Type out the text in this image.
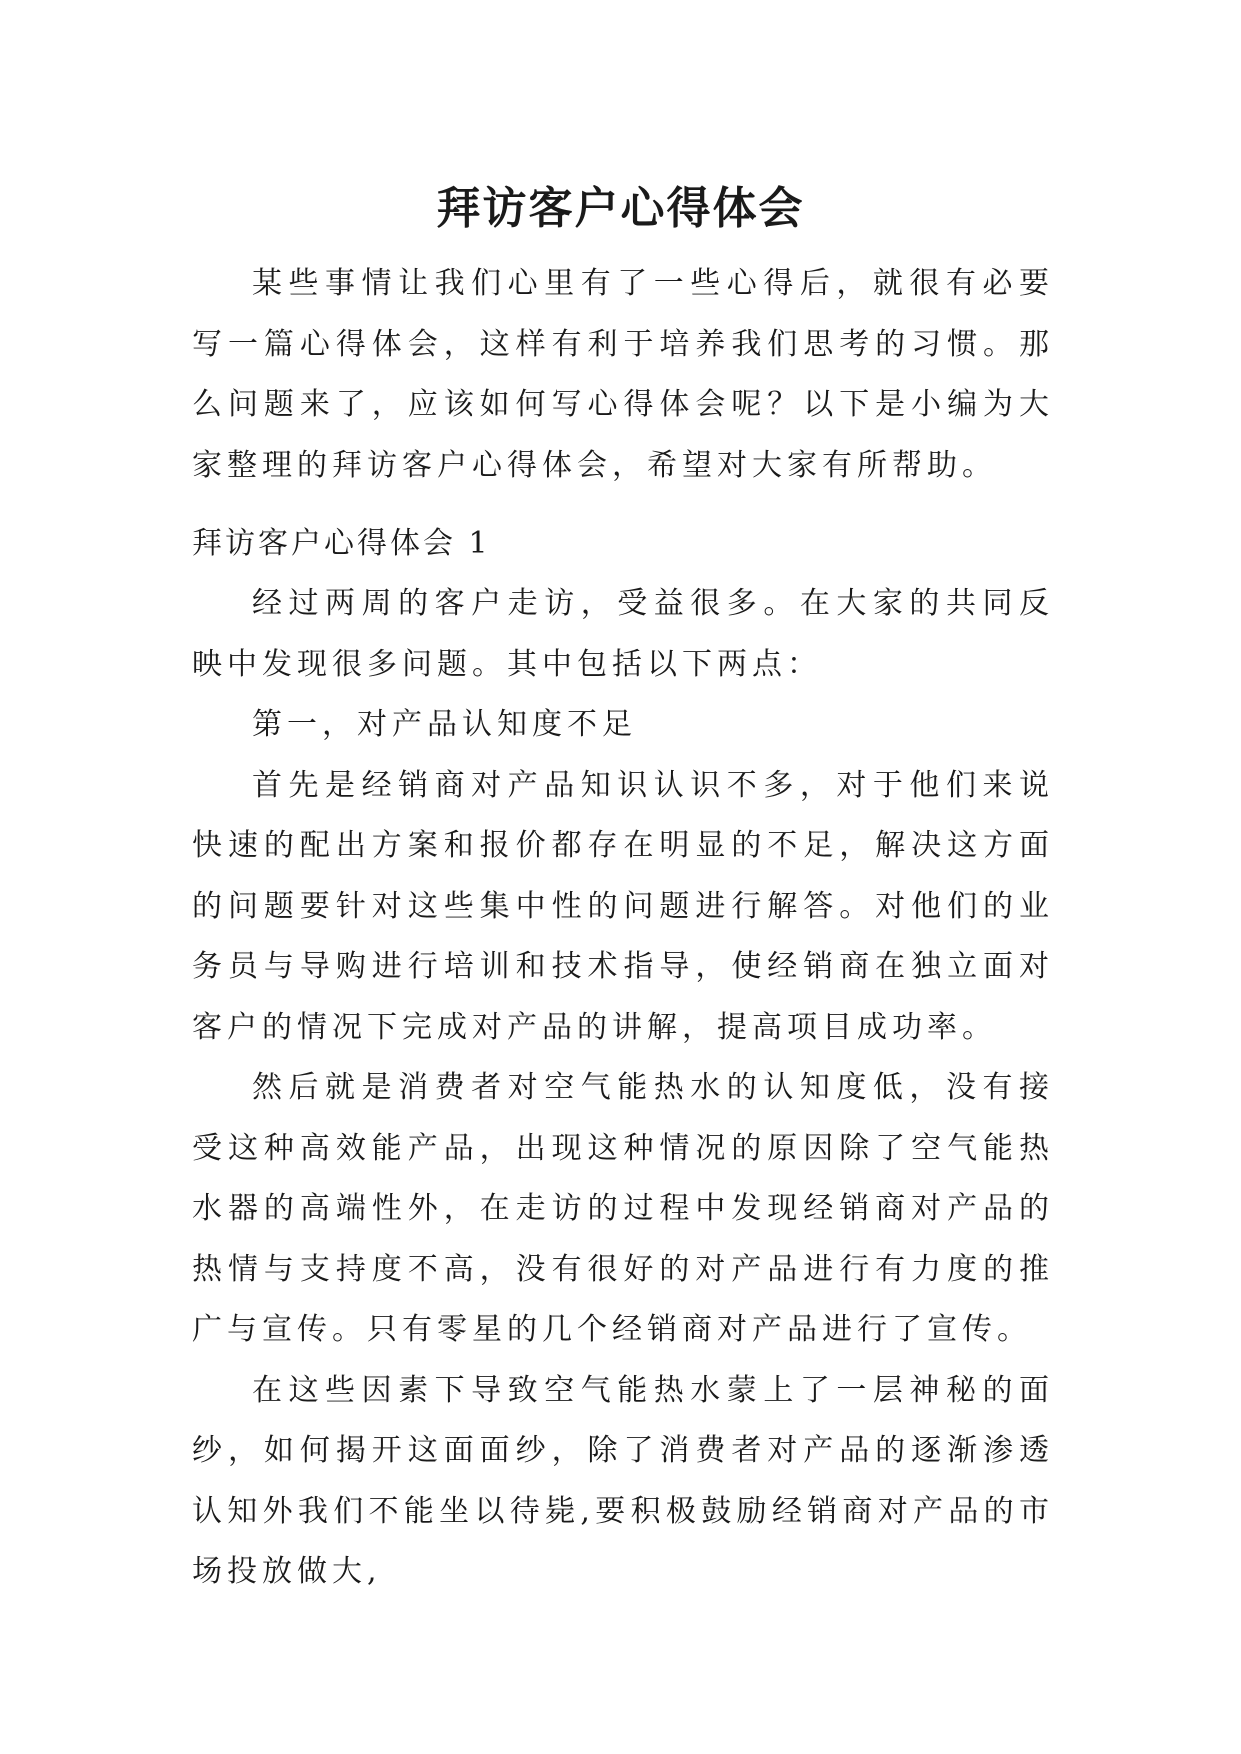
拜访客户心得体会

某些事情让我们心里有了一些心得后，就很有必要写一篇心得体会，这样有利于培养我们思考的习惯。那么问题来了，应该如何写心得体会呢？以下是小编为大家整理的拜访客户心得体会，希望对大家有所帮助。

拜访客户心得体会 1

经过两周的客户走访，受益很多。在大家的共同反映中发现很多问题。其中包括以下两点：

第一，对产品认知度不足

首先是经销商对产品知识认识不多，对于他们来说快速的配出方案和报价都存在明显的不足，解决这方面的问题要针对这些集中性的问题进行解答。对他们的业务员与导购进行培训和技术指导，使经销商在独立面对客户的情况下完成对产品的讲解，提高项目成功率。

然后就是消费者对空气能热水的认知度低，没有接受这种高效能产品，出现这种情况的原因除了空气能热水器的高端性外，在走访的过程中发现经销商对产品的热情与支持度不高，没有很好的对产品进行有力度的推广与宣传。只有零星的几个经销商对产品进行了宣传。

在这些因素下导致空气能热水蒙上了一层神秘的面纱，如何揭开这面面纱，除了消费者对产品的逐渐渗透认知外我们不能坐以待毙,要积极鼓励经销商对产品的市场投放做大,
